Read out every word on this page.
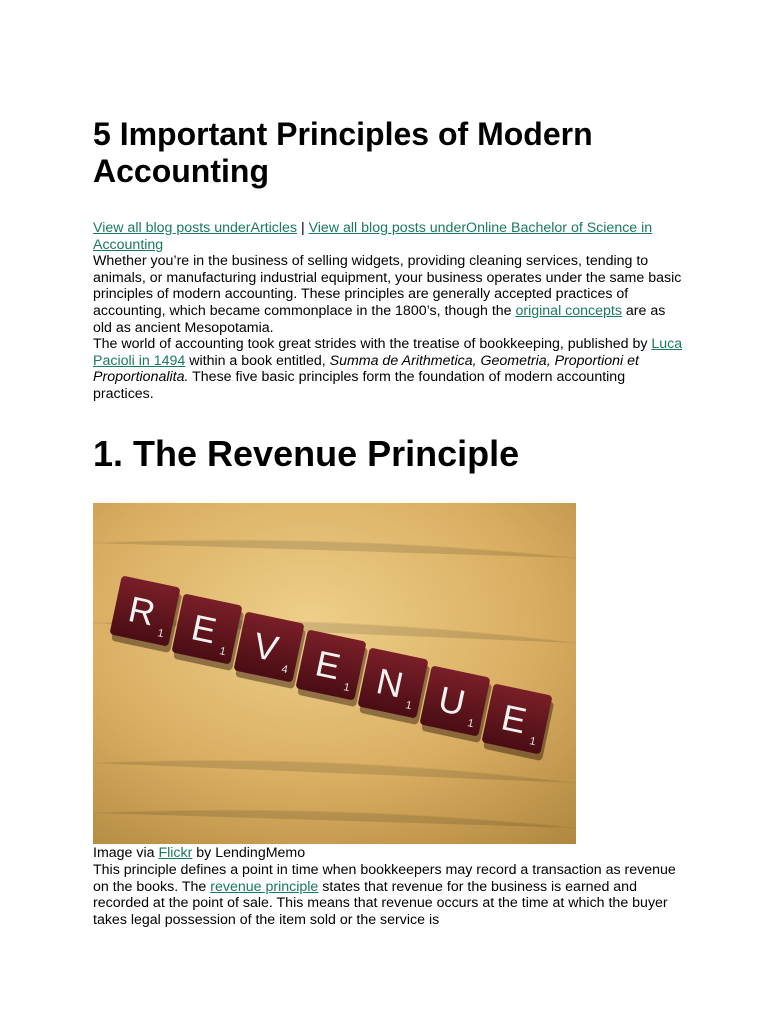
5 Important Principles of Modern Accounting
View all blog posts underArticles | View all blog posts underOnline Bachelor of Science in Accounting
Whether you’re in the business of selling widgets, providing cleaning services, tending to animals, or manufacturing industrial equipment, your business operates under the same basic principles of modern accounting. These principles are generally accepted practices of accounting, which became commonplace in the 1800’s, though the original concepts are as old as ancient Mesopotamia.
The world of accounting took great strides with the treatise of bookkeeping, published by Luca Pacioli in 1494 within a book entitled, Summa de Arithmetica, Geometria, Proportioni et Proportionalita. These five basic principles form the foundation of modern accounting practices.
1. The Revenue Principle
R
1 E
1 V
4 E
1 N
1 U
1 E
1
Image via Flickr by LendingMemo
This principle defines a point in time when bookkeepers may record a transaction as revenue on the books. The revenue principle states that revenue for the business is earned and recorded at the point of sale. This means that revenue occurs at the time at which the buyer takes legal possession of the item sold or the service is
